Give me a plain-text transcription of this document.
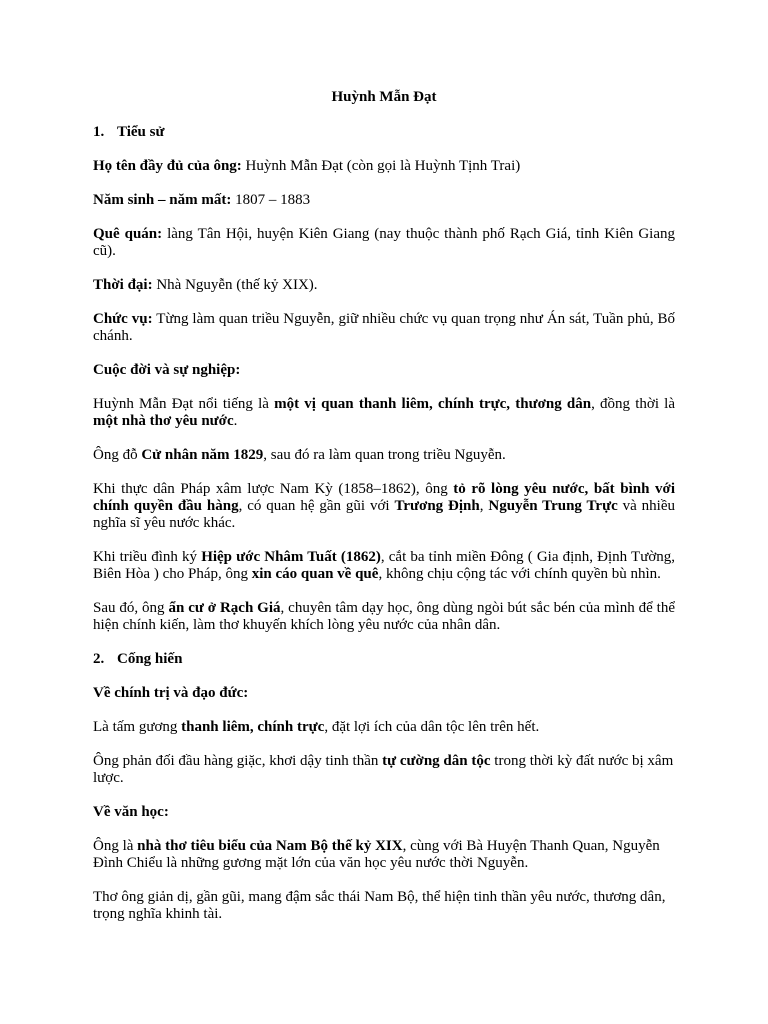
Huỳnh Mẫn Đạt

1. Tiểu sử

Họ tên đầy đủ của ông: Huỳnh Mẫn Đạt (còn gọi là Huỳnh Tịnh Trai)

Năm sinh – năm mất: 1807 – 1883

Quê quán: làng Tân Hội, huyện Kiên Giang (nay thuộc thành phố Rạch Giá, tỉnh Kiên Giang cũ).

Thời đại: Nhà Nguyễn (thế kỷ XIX).

Chức vụ: Từng làm quan triều Nguyễn, giữ nhiều chức vụ quan trọng như Án sát, Tuần phủ, Bố chánh.

Cuộc đời và sự nghiệp:

Huỳnh Mẫn Đạt nổi tiếng là một vị quan thanh liêm, chính trực, thương dân, đồng thời là một nhà thơ yêu nước.

Ông đỗ Cử nhân năm 1829, sau đó ra làm quan trong triều Nguyễn.

Khi thực dân Pháp xâm lược Nam Kỳ (1858–1862), ông tỏ rõ lòng yêu nước, bất bình với chính quyền đầu hàng, có quan hệ gần gũi với Trương Định, Nguyễn Trung Trực và nhiều nghĩa sĩ yêu nước khác.

Khi triều đình ký Hiệp ước Nhâm Tuất (1862), cắt ba tỉnh miền Đông ( Gia định, Định Tường, Biên Hòa ) cho Pháp, ông xin cáo quan về quê, không chịu cộng tác với chính quyền bù nhìn.

Sau đó, ông ẩn cư ở Rạch Giá, chuyên tâm dạy học, ông dùng ngòi bút sắc bén của mình để thể hiện chính kiến, làm thơ khuyến khích lòng yêu nước của nhân dân.

2. Cống hiến

Về chính trị và đạo đức:

Là tấm gương thanh liêm, chính trực, đặt lợi ích của dân tộc lên trên hết.

Ông phản đối đầu hàng giặc, khơi dậy tinh thần tự cường dân tộc trong thời kỳ đất nước bị xâm lược.

Về văn học:

Ông là nhà thơ tiêu biểu của Nam Bộ thế kỷ XIX, cùng với Bà Huyện Thanh Quan, Nguyễn Đình Chiểu là những gương mặt lớn của văn học yêu nước thời Nguyễn.

Thơ ông giản dị, gần gũi, mang đậm sắc thái Nam Bộ, thể hiện tinh thần yêu nước, thương dân, trọng nghĩa khinh tài.
